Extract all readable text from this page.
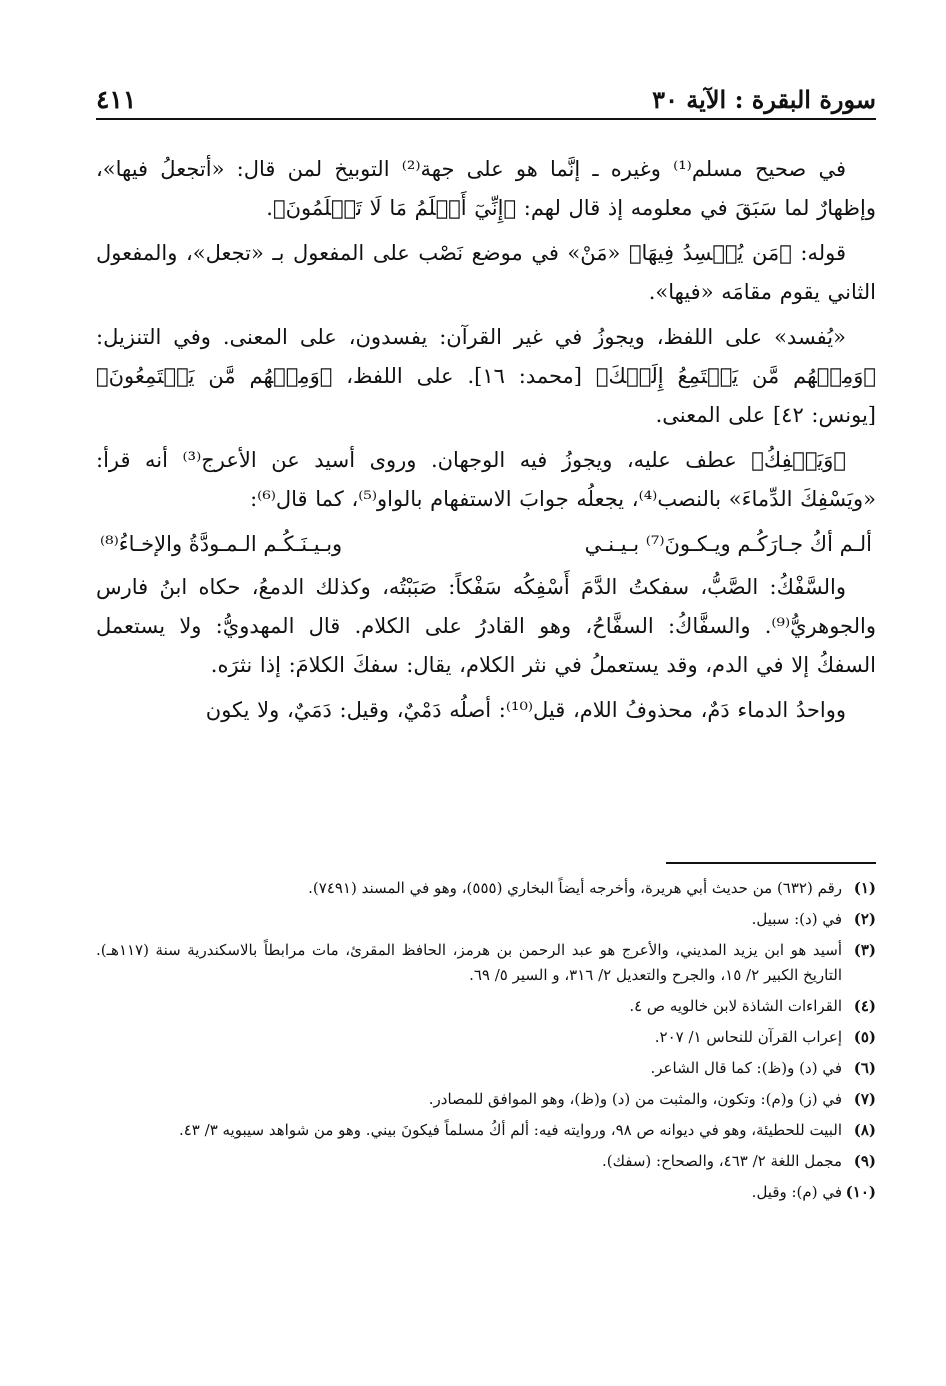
سورة البقرة : الآية ٣٠
٤١١

في صحيح مسلم⁽¹⁾ وغيره ـ إنَّما هو على جهة⁽²⁾ التوبيخ لمن قال: «أتجعلُ فيها»، وإظهارٌ لما سَبَقَ في معلومه إذ قال لهم: ﴿إِنِّيٓ أَعۡلَمُ مَا لَا تَعۡلَمُونَ﴾.

قوله: ﴿مَن يُفۡسِدُ فِيهَا﴾ «مَنْ» في موضع نَصْب على المفعول بـ «تجعل»، والمفعول الثاني يقوم مقامَه «فيها».

«يُفسد» على اللفظ، ويجوزُ في غير القرآن: يفسدون، على المعنى. وفي التنزيل: ﴿وَمِنۡهُم مَّن يَسۡتَمِعُ إِلَيۡكَ﴾ [محمد: ١٦]. على اللفظ، ﴿وَمِنۡهُم مَّن يَسۡتَمِعُونَ﴾ [يونس: ٤٢] على المعنى.

﴿وَيَسۡفِكُ﴾ عطف عليه، ويجوزُ فيه الوجهان. وروى أسيد عن الأعرج⁽³⁾ أنه قرأ: «ويَسْفِكَ الدِّماءَ» بالنصب⁽⁴⁾، يجعلُه جوابَ الاستفهام بالواو⁽⁵⁾، كما قال⁽⁶⁾:

ألـم أكُ جـارَكُـم ويـكـونَ⁽⁷⁾ بـيـنـي
وبـيـنَـكُـم الـمـودَّةُ والإخـاءُ⁽⁸⁾

والسَّفْكُ: الصَّبُّ، سفكتُ الدَّمَ أَسْفِكُه سَفْكاً: صَبَبْتُه، وكذلك الدمعُ، حكاه ابنُ فارس والجوهريُّ⁽⁹⁾. والسفَّاكُ: السفَّاحُ، وهو القادرُ على الكلام. قال المهدويُّ: ولا يستعمل السفكُ إلا في الدم، وقد يستعملُ في نثر الكلام، يقال: سفكَ الكلامَ: إذا نثرَه.

وواحدُ الدماء دَمٌ، محذوفُ اللام، قيل⁽¹⁰⁾: أصلُه دَمْيٌ، وقيل: دَمَيٌ، ولا يكون

(١)
رقم (٦٣٢) من حديث أبي هريرة، وأخرجه أيضاً البخاري (٥٥٥)، وهو في المسند (٧٤٩١).
(٢)
في (د): سبيل.
(٣)
أسيد هو ابن يزيد المديني، والأعرج هو عبد الرحمن بن هرمز، الحافظ المقرئ، مات مرابطاً بالاسكندرية سنة (١١٧هـ). التاريخ الكبير ٢/ ١٥، والجرح والتعديل ٢/ ٣١٦، و السير ٥/ ٦٩.
(٤)
القراءات الشاذة لابن خالويه ص ٤.
(٥)
إعراب القرآن للنحاس ١/ ٢٠٧.
(٦)
في (د) و(ظ): كما قال الشاعر.
(٧)
في (ز) و(م): وتكون، والمثبت من (د) و(ظ)، وهو الموافق للمصادر.
(٨)
البيت للحطيئة، وهو في ديوانه ص ٩٨، وروايته فيه: ألم أكُ مسلماً فيكونَ بيني. وهو من شواهد سيبويه ٣/ ٤٣.
(٩)
مجمل اللغة ٢/ ٤٦٣، والصحاح: (سفك).
(١٠)
في (م): وقيل.
